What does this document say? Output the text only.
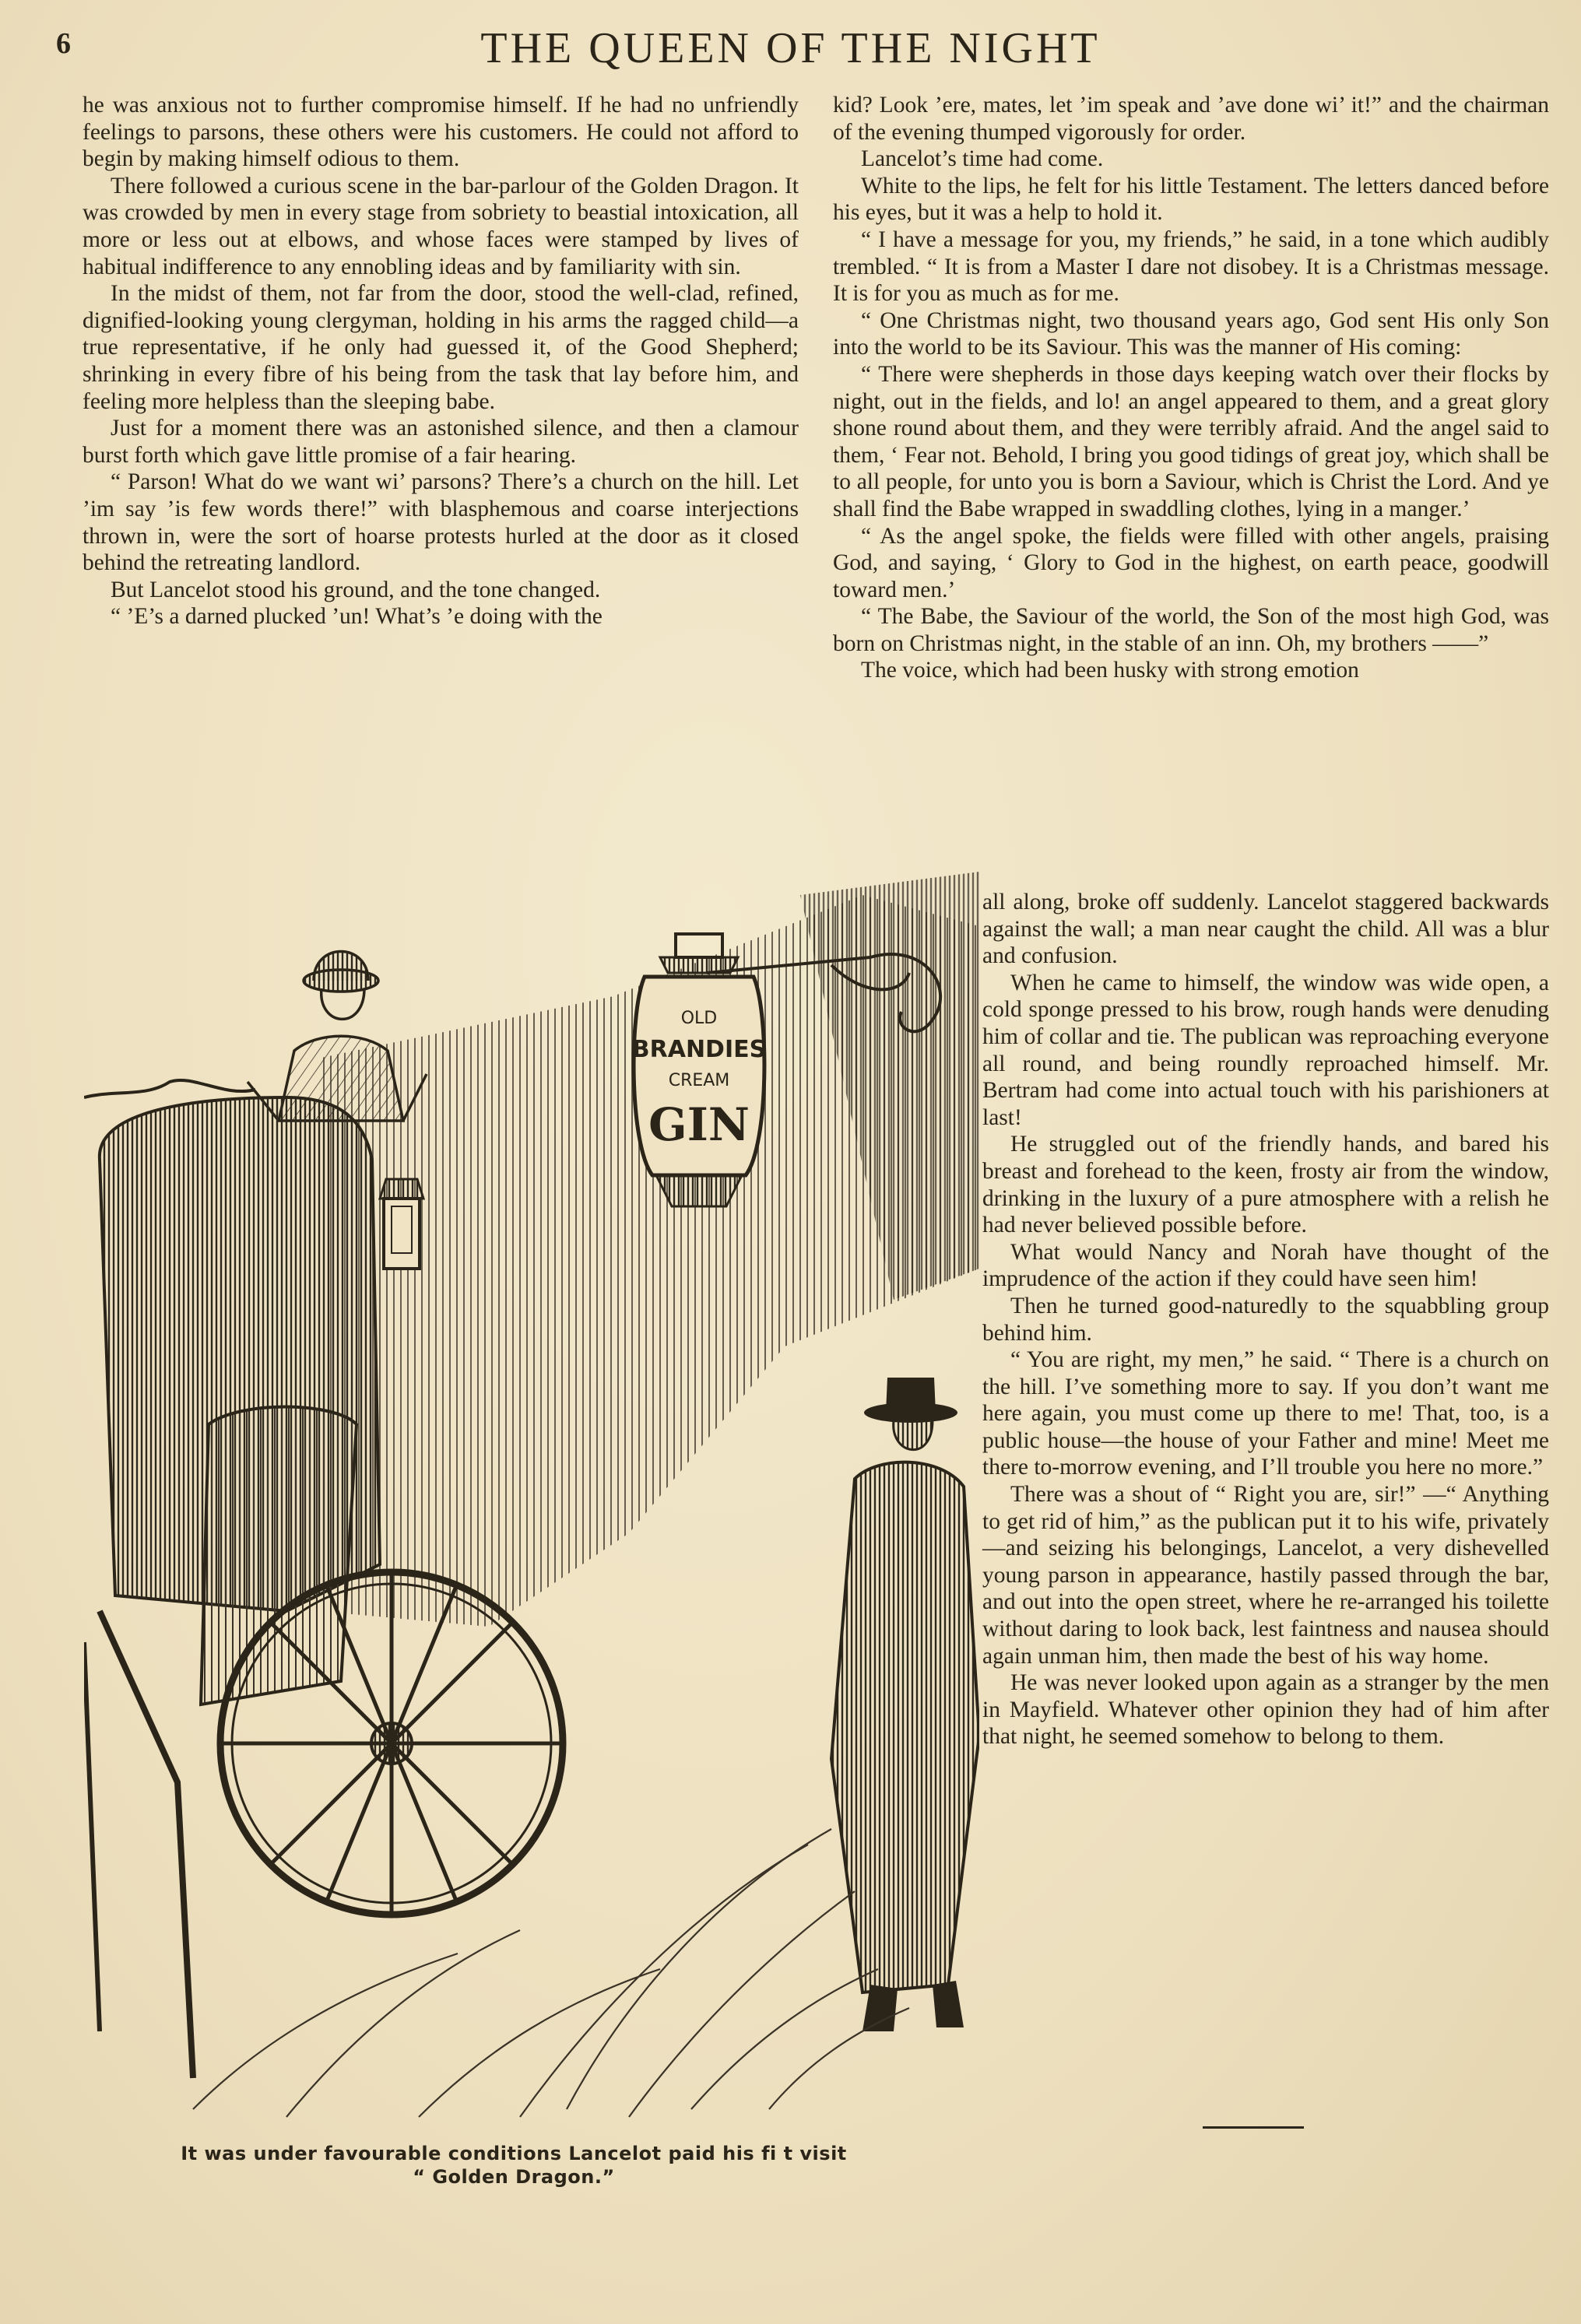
6	THE QUEEN OF THE NIGHT

he was anxious not to further compromise himself. If he had no unfriendly feelings to parsons, these others were his customers. He could not afford to begin by making himself odious to them.

There followed a curious scene in the bar-parlour of the Golden Dragon. It was crowded by men in every stage from sobriety to beastial intoxication, all more or less out at elbows, and whose faces were stamped by lives of habitual indifference to any ennobling ideas and by familiarity with sin.

In the midst of them, not far from the door, stood the well-clad, refined, dignified-looking young clergyman, holding in his arms the ragged child—a true representative, if he only had guessed it, of the Good Shepherd; shrinking in every fibre of his being from the task that lay before him, and feeling more helpless than the sleeping babe.

Just for a moment there was an astonished silence, and then a clamour burst forth which gave little promise of a fair hearing.

“ Parson! What do we want wi’ parsons? There’s a church on the hill. Let ’im say ’is few words there!” with blasphemous and coarse interjections thrown in, were the sort of hoarse protests hurled at the door as it closed behind the retreating landlord.

But Lancelot stood his ground, and the tone changed.

“ ’E’s a darned plucked ’un! What’s ’e doing with the

kid? Look ’ere, mates, let ’im speak and ’ave done wi’ it!” and the chairman of the evening thumped vigorously for order.

Lancelot’s time had come.

White to the lips, he felt for his little Testament. The letters danced before his eyes, but it was a help to hold it.

“ I have a message for you, my friends,” he said, in a tone which audibly trembled. “ It is from a Master I dare not disobey. It is a Christmas message. It is for you as much as for me.

“ One Christmas night, two thousand years ago, God sent His only Son into the world to be its Saviour. This was the manner of His coming:

“ There were shepherds in those days keeping watch over their flocks by night, out in the fields, and lo! an angel appeared to them, and a great glory shone round about them, and they were terribly afraid. And the angel said to them, ‘ Fear not. Behold, I bring you good tidings of great joy, which shall be to all people, for unto you is born a Saviour, which is Christ the Lord. And ye shall find the Babe wrapped in swaddling clothes, lying in a manger.’

“ As the angel spoke, the fields were filled with other angels, praising God, and saying, ‘ Glory to God in the highest, on earth peace, goodwill toward men.’

“ The Babe, the Saviour of the world, the Son of the most high God, was born on Christmas night, in the stable of an inn. Oh, my brothers ——”

The voice, which had been husky with strong emotion

all along, broke off suddenly. Lancelot staggered backwards against the wall; a man near caught the child. All was a blur and confusion.

When he came to himself, the window was wide open, a cold sponge pressed to his brow, rough hands were denuding him of collar and tie. The publican was reproaching everyone all round, and being roundly reproached himself. Mr. Bertram had come into actual touch with his parishioners at last!

He struggled out of the friendly hands, and bared his breast and forehead to the keen, frosty air from the window, drinking in the luxury of a pure atmosphere with a relish he had never believed possible before.

What would Nancy and Norah have thought of the imprudence of the action if they could have seen him!

Then he turned good-naturedly to the squabbling group behind him.

“ You are right, my men,” he said. “ There is a church on the hill. I’ve something more to say. If you don’t want me here again, you must come up there to me! That, too, is a public house—the house of your Father and mine! Meet me there to-morrow evening, and I’ll trouble you here no more.”

There was a shout of “ Right you are, sir!” —“ Anything to get rid of him,” as the publican put it to his wife, privately—and seizing his belongings, Lancelot, a very dishevelled young parson in appearance, hastily passed through the bar, and out into the open street, where he re-arranged his toilette without daring to look back, lest faintness and nausea should again unman him, then made the best of his way home.

He was never looked upon again as a stranger by the men in Mayfield. Whatever other opinion they had of him after that night, he seemed somehow to belong to them.

OLD
BRANDIES
CREAM
GIN
It was under favourable conditions Lancelot paid his fi t visit
“ Golden Dragon.”
